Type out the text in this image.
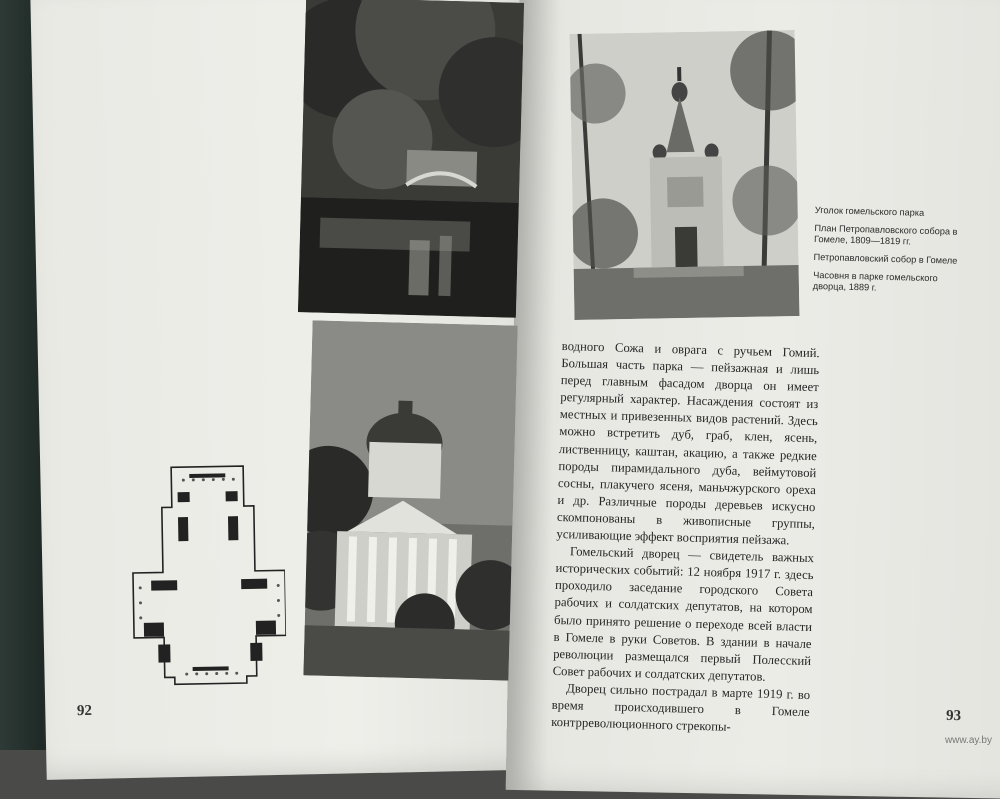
Уголок гомельского парка

План Петропавловского собора в Гомеле, 1809—1819 гг.

Петропавловский собор в Гомеле

Часовня в парке гомельского дворца, 1889 г.

водного Сожа и оврага с ручьем Гомий. Большая часть парка — пейзажная и лишь перед главным фасадом дворца он имеет регулярный характер. Насаждения состоят из местных и привезенных видов растений. Здесь можно встретить дуб, граб, клен, ясень, лиственницу, каштан, акацию, а также редкие породы пирамидального дуба, веймутовой сосны, плакучего ясеня, маньчжурского ореха и др. Различные породы деревьев искусно скомпонованы в живописные группы, усиливающие эффект восприятия пейзажа.

Гомельский дворец — свидетель важных исторических событий: 12 ноября 1917 г. здесь проходило заседание городского Совета рабочих и солдатских депутатов, на котором было принято решение о переходе всей власти в Гомеле в руки Советов. В здании в начале революции размещался первый Полесский Совет рабочих и солдатских депутатов.

Дворец сильно пострадал в марте 1919 г. во время происходившего в Гомеле контрреволюционного стрекопы-

92	93
www.ay.by
